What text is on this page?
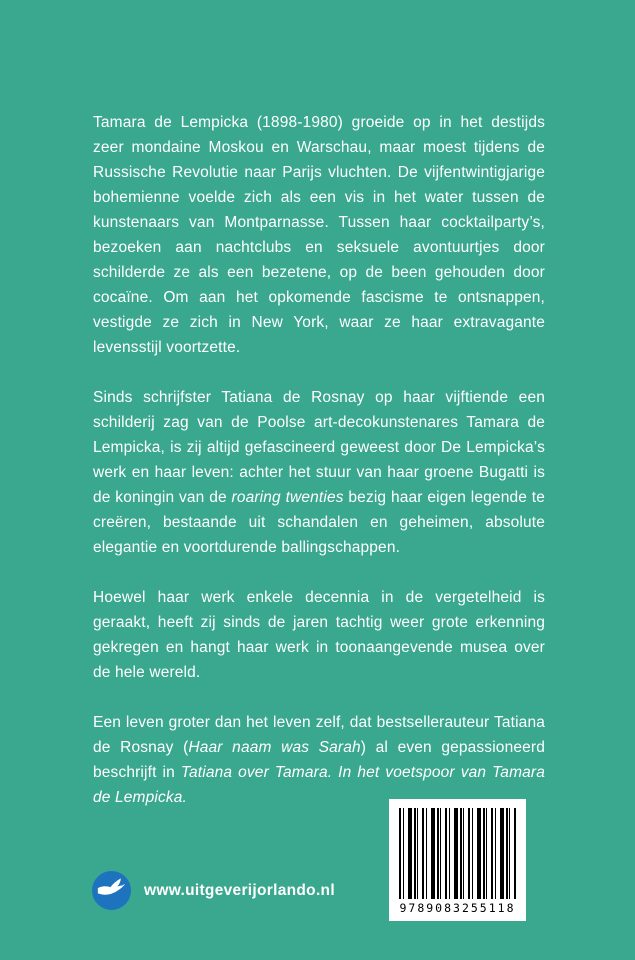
Tamara de Lempicka (1898-1980) groeide op in het destijds zeer mondaine Moskou en Warschau, maar moest tijdens de Russische Revolutie naar Parijs vluchten. De vijfentwintigjarige bohemienne voelde zich als een vis in het water tussen de kunstenaars van Montparnasse. Tussen haar cocktailparty’s, bezoeken aan nachtclubs en seksuele avontuurtjes door schilderde ze als een bezetene, op de been gehouden door cocaïne. Om aan het opkomende fascisme te ontsnappen, vestigde ze zich in New York, waar ze haar extravagante levensstijl voortzette.

Sinds schrijfster Tatiana de Rosnay op haar vijftiende een schilderij zag van de Poolse art-decokunstenares Tamara de Lempicka, is zij altijd gefascineerd geweest door De Lempicka’s werk en haar leven: achter het stuur van haar groene Bugatti is de koningin van de roaring twenties bezig haar eigen legende te creëren, bestaande uit schandalen en geheimen, absolute elegantie en voortdurende ballingschappen.

Hoewel haar werk enkele decennia in de vergetelheid is geraakt, heeft zij sinds de jaren tachtig weer grote erkenning gekregen en hangt haar werk in toonaangevende musea over de hele wereld.

Een leven groter dan het leven zelf, dat bestsellerauteur Tatiana de Rosnay (Haar naam was Sarah) al even gepassioneerd beschrijft in Tatiana over Tamara. In het voetspoor van Tamara de Lempicka.

9789083255118
www.uitgeverijorlando.nl
